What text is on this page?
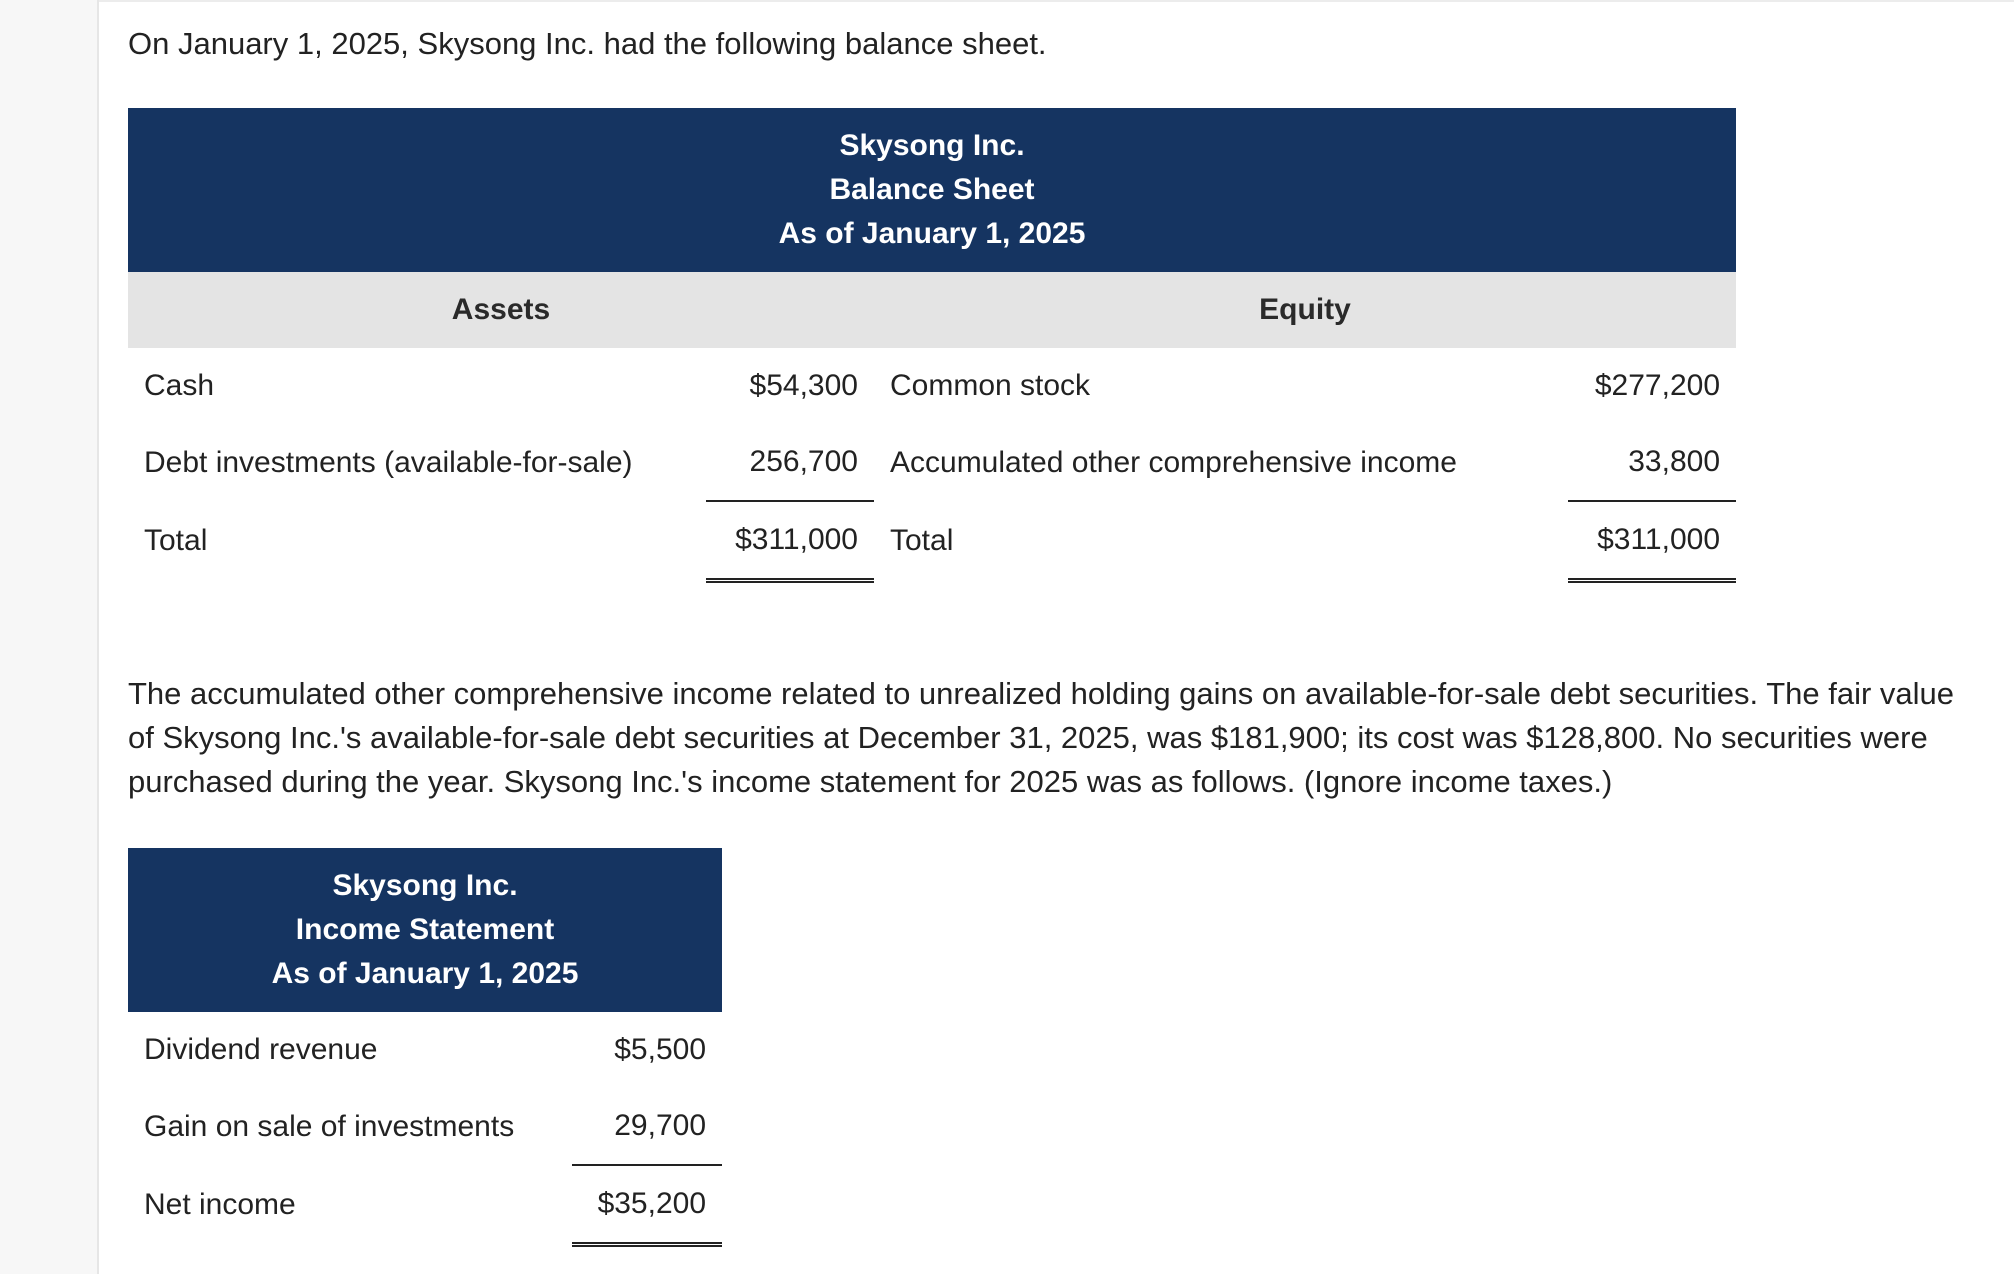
On January 1, 2025, Skysong Inc. had the following balance sheet.
Skysong Inc.
Balance Sheet
As of January 1, 2025			

Assets		Equity	
Cash	$54,300	Common stock	$277,200
Debt investments (available-for-sale)	256,700	Accumulated other comprehensive income	33,800
Total	$311,000	Total	$311,000
The accumulated other comprehensive income related to unrealized holding gains on available-for-sale debt securities. The fair value
of Skysong Inc.'s available-for-sale debt securities at December 31, 2025, was $181,900; its cost was $128,800. No securities were
purchased during the year. Skysong Inc.'s income statement for 2025 was as follows. (Ignore income taxes.)
Skysong Inc.
Income Statement
As of January 1, 2025	

Dividend revenue	$5,500
Gain on sale of investments	29,700
Net income	$35,200
